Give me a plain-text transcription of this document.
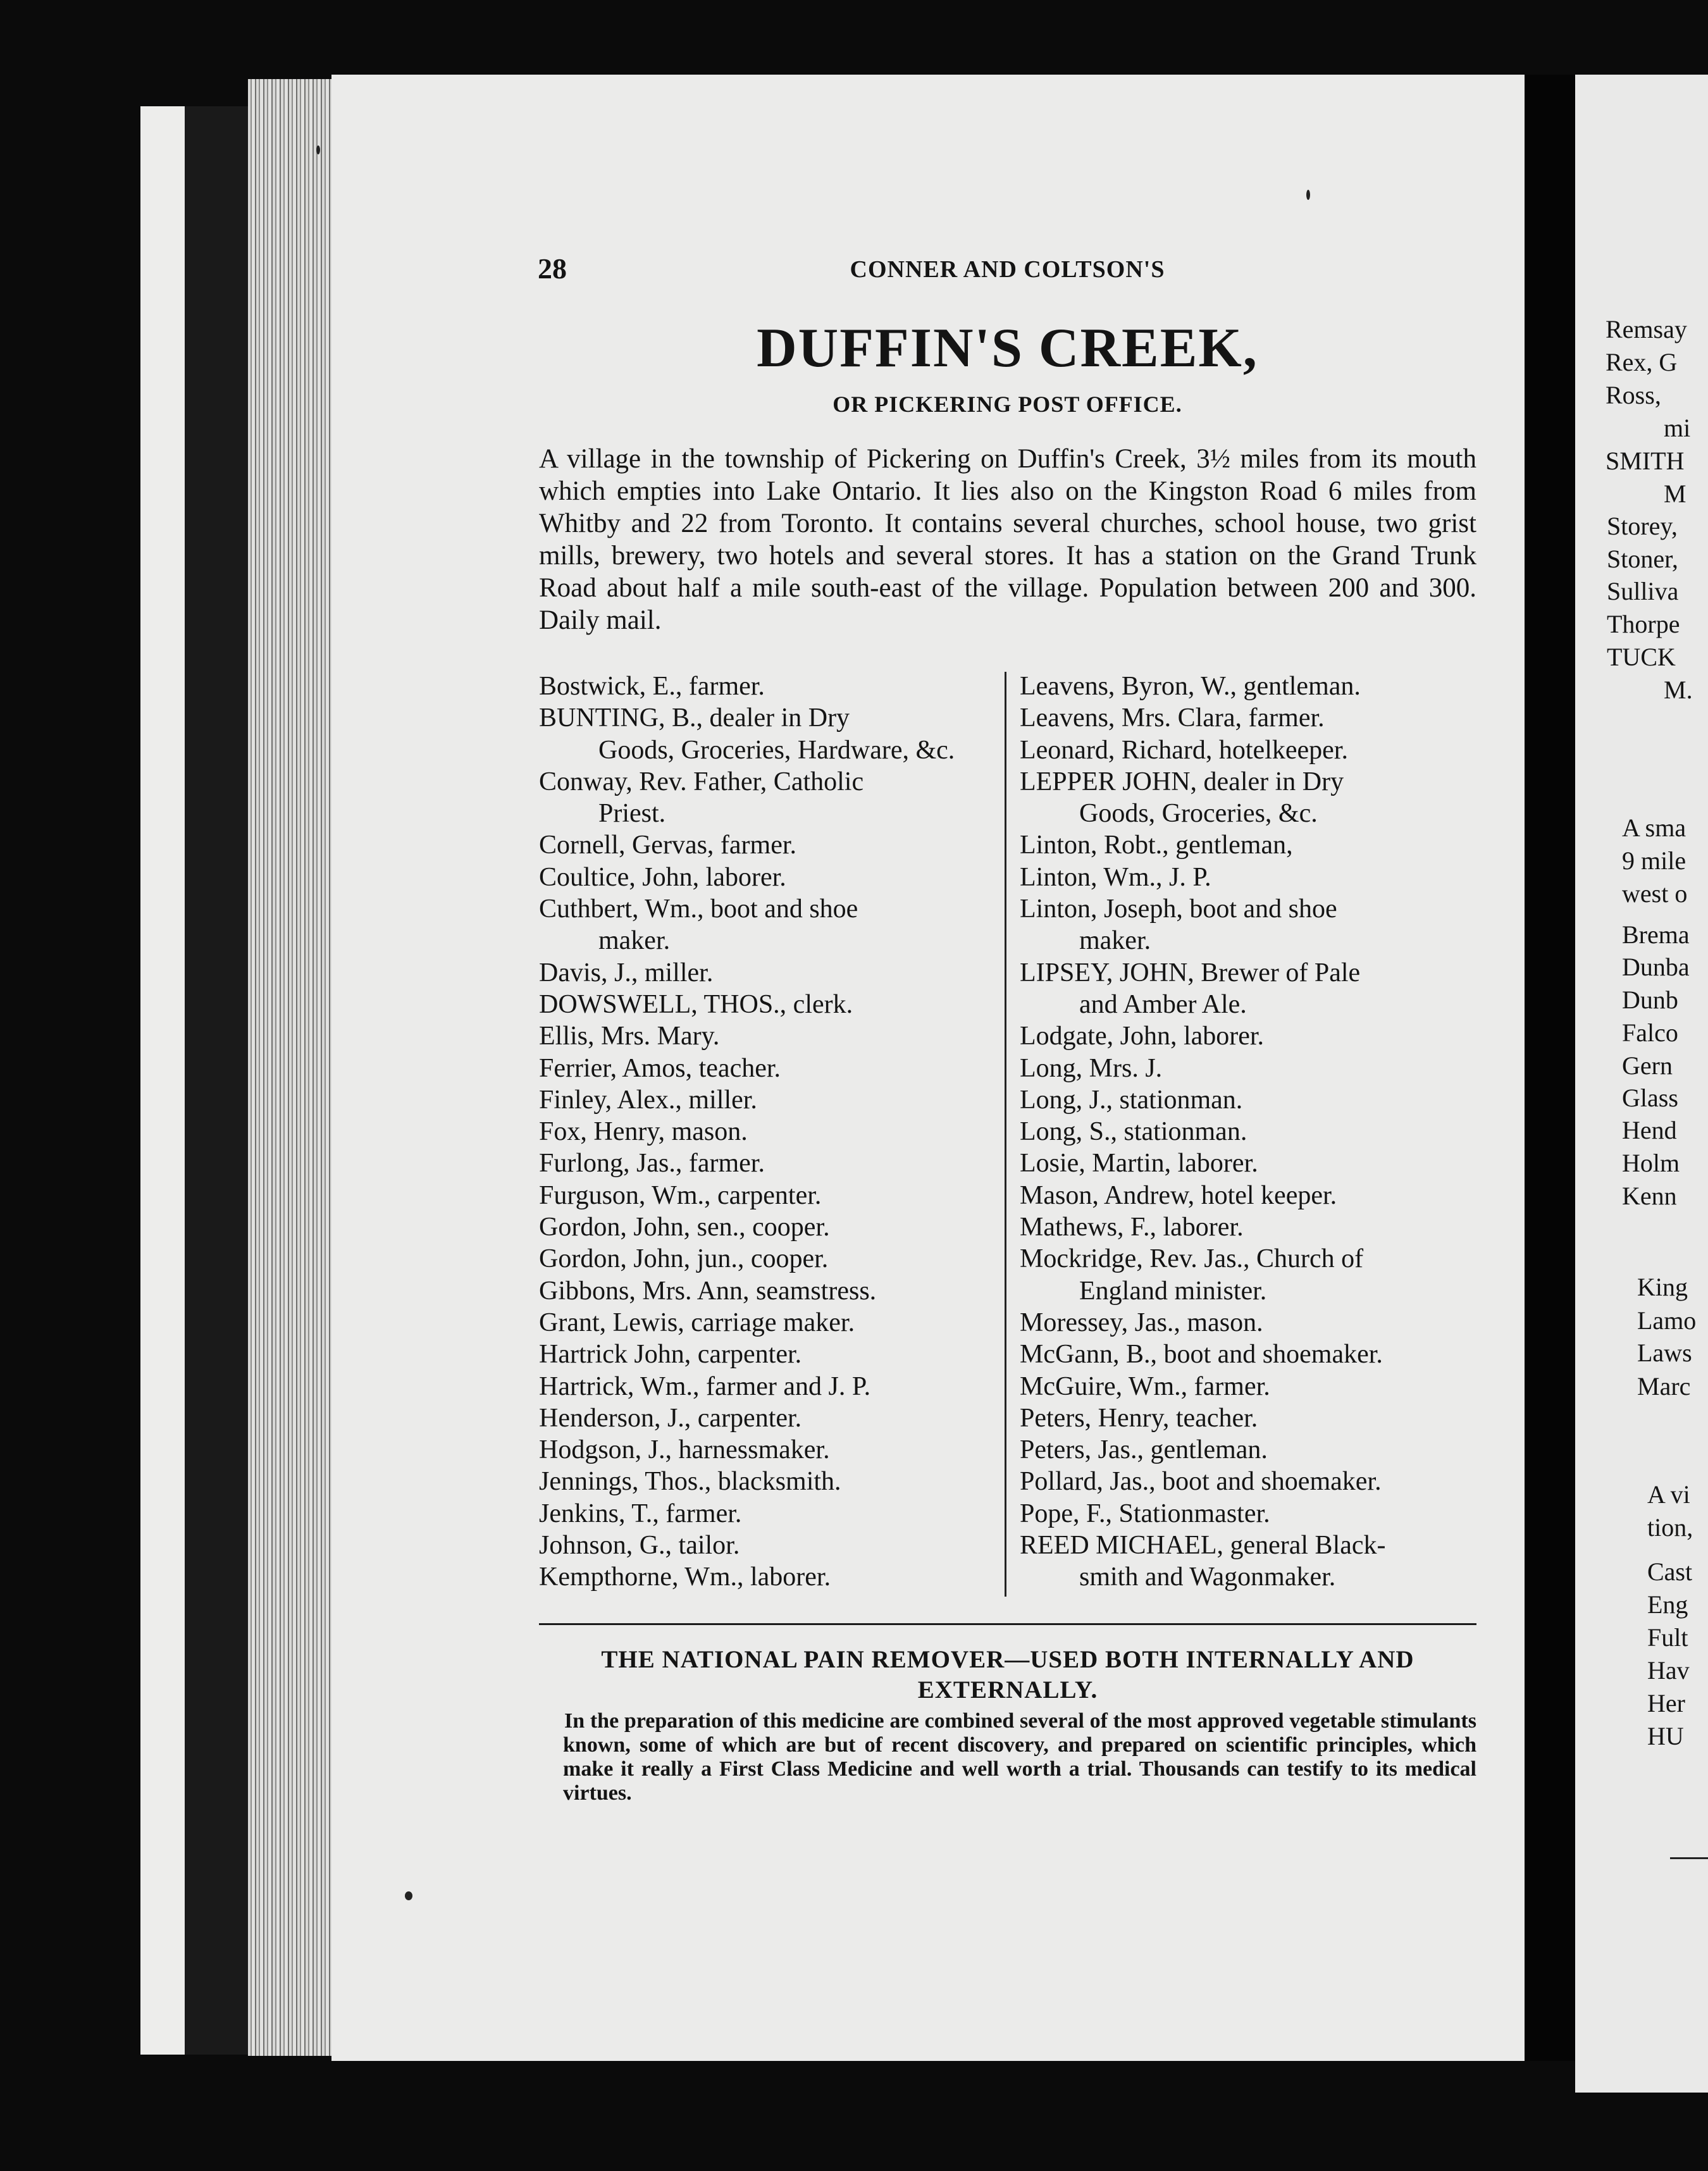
Remsay
Rex, G
Ross,
mi
SMITH
M
Storey,
Stoner,
Sulliva
Thorpe
TUCK
M.
A sma
9 mile
west o
Brema
Dunba
Dunb
Falco
Gern
Glass
Hend
Holm
Kenn
King
Lamo
Laws
Marc
A vi
tion,
Cast
Eng
Fult
Hav
Her
HU
28	CONNER AND COLTSON'S
DUFFIN'S CREEK,
OR PICKERING POST OFFICE.
A village in the township of Pickering on Duffin's Creek, 3½ miles from its mouth which empties into Lake Ontario. It lies also on the Kingston Road 6 miles from Whitby and 22 from Toronto. It contains several churches, school house, two grist mills, brewery, two hotels and several stores. It has a station on the Grand Trunk Road about half a mile south-east of the village. Population between 200 and 300. Daily mail.
Bostwick, E., farmer.
BUNTING, B., dealer in Dry
Goods, Groceries, Hardware, &c.
Conway, Rev. Father, Catholic
Priest.
Cornell, Gervas, farmer.
Coultice, John, laborer.
Cuthbert, Wm., boot and shoe
maker.
Davis, J., miller.
DOWSWELL, THOS., clerk.
Ellis, Mrs. Mary.
Ferrier, Amos, teacher.
Finley, Alex., miller.
Fox, Henry, mason.
Furlong, Jas., farmer.
Furguson, Wm., carpenter.
Gordon, John, sen., cooper.
Gordon, John, jun., cooper.
Gibbons, Mrs. Ann, seamstress.
Grant, Lewis, carriage maker.
Hartrick John, carpenter.
Hartrick, Wm., farmer and J. P.
Henderson, J., carpenter.
Hodgson, J., harnessmaker.
Jennings, Thos., blacksmith.
Jenkins, T., farmer.
Johnson, G., tailor.
Kempthorne, Wm., laborer.
Leavens, Byron, W., gentleman.
Leavens, Mrs. Clara, farmer.
Leonard, Richard, hotelkeeper.
LEPPER JOHN, dealer in Dry
Goods, Groceries, &c.
Linton, Robt., gentleman,
Linton, Wm., J. P.
Linton, Joseph, boot and shoe
maker.
LIPSEY, JOHN, Brewer of Pale
and Amber Ale.
Lodgate, John, laborer.
Long, Mrs. J.
Long, J., stationman.
Long, S., stationman.
Losie, Martin, laborer.
Mason, Andrew, hotel keeper.
Mathews, F., laborer.
Mockridge, Rev. Jas., Church of
England minister.
Moressey, Jas., mason.
McGann, B., boot and shoemaker.
McGuire, Wm., farmer.
Peters, Henry, teacher.
Peters, Jas., gentleman.
Pollard, Jas., boot and shoemaker.
Pope, F., Stationmaster.
REED MICHAEL, general Black-
smith and Wagonmaker.
THE NATIONAL PAIN REMOVER—USED BOTH INTERNALLY AND EXTERNALLY.
In the preparation of this medicine are combined several of the most approved vegetable stimulants known, some of which are but of recent discovery, and prepared on scientific principles, which make it really a First Class Medicine and well worth a trial. Thousands can testify to its medical virtues.
